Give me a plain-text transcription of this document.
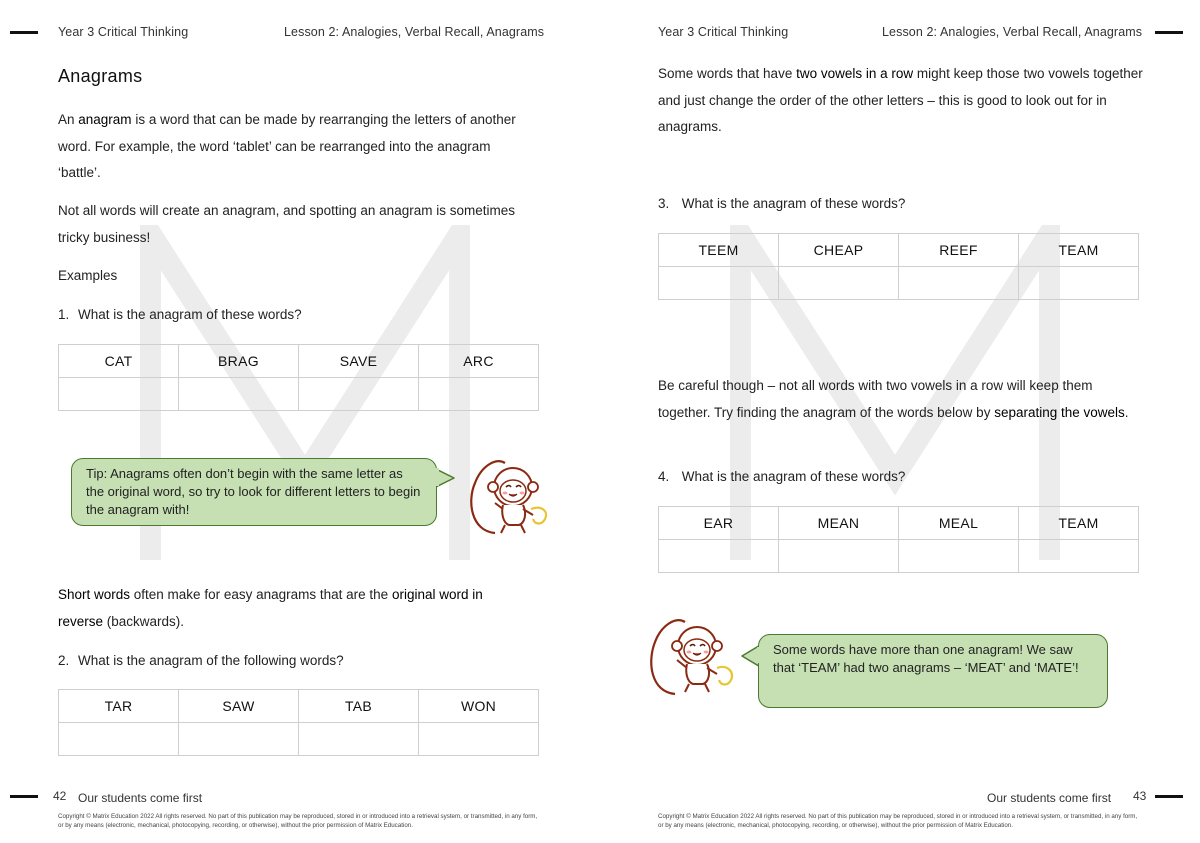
Year 3 Critical Thinking	Lesson 2: Analogies, Verbal Recall, Anagrams
Anagrams
An anagram is a word that can be made by rearranging the letters of another word. For example, the word ‘tablet’ can be rearranged into the anagram ‘battle’.
Not all words will create an anagram, and spotting an anagram is sometimes tricky business!
Examples
1. What is the anagram of these words?
CAT	BRAG	SAVE	ARC

Tip: Anagrams often don’t begin with the same letter as the original word, so try to look for different letters to begin the anagram with!
Short words often make for easy anagrams that are the original word in reverse (backwards).
2. What is the anagram of the following words?
TAR	SAW	TAB	WON

42 Our students come first
Copyright © Matrix Education 2022 All rights reserved. No part of this publication may be reproduced, stored in or introduced into a retrieval system, or transmitted, in any form, or by any means (electronic, mechanical, photocopying, recording, or otherwise), without the prior permission of Matrix Education.
Year 3 Critical Thinking	Lesson 2: Analogies, Verbal Recall, Anagrams
Some words that have two vowels in a row might keep those two vowels together and just change the order of the other letters – this is good to look out for in anagrams.
3. What is the anagram of these words?
TEEM	CHEAP	REEF	TEAM

Be careful though – not all words with two vowels in a row will keep them together. Try finding the anagram of the words below by separating the vowels.
4. What is the anagram of these words?
EAR	MEAN	MEAL	TEAM

Some words have more than one anagram! We saw that ‘TEAM’ had two anagrams – ‘MEAT’ and ‘MATE’!
Our students come first 43
Copyright © Matrix Education 2022 All rights reserved. No part of this publication may be reproduced, stored in or introduced into a retrieval system, or transmitted, in any form, or by any means (electronic, mechanical, photocopying, recording, or otherwise), without the prior permission of Matrix Education.
